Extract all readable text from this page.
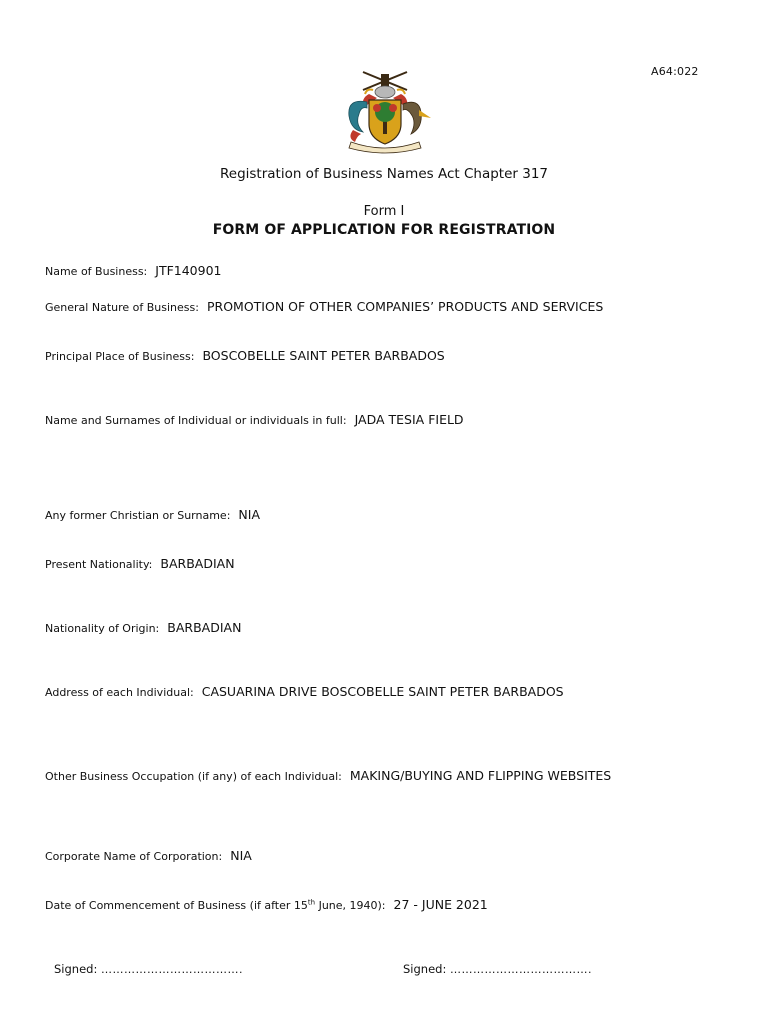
A64:022
Registration of Business Names Act Chapter 317
Form I
FORM OF APPLICATION FOR REGISTRATION
Name of Business: JTF140901
General Nature of Business: PROMOTION OF OTHER COMPANIES’ PRODUCTS AND SERVICES
Principal Place of Business: BOSCOBELLE SAINT PETER BARBADOS
Name and Surnames of Individual or individuals in full: JADA TESIA FIELD
Any former Christian or Surname: NIA
Present Nationality: BARBADIAN
Nationality of Origin: BARBADIAN
Address of each Individual: CASUARINA DRIVE BOSCOBELLE SAINT PETER BARBADOS
Other Business Occupation (if any) of each Individual: MAKING/BUYING AND FLIPPING WEBSITES
Corporate Name of Corporation: NIA
Date of Commencement of Business (if after 15th June, 1940): 27 - JUNE 2021
Signed: ……………………………….	Signed: ……………………………….
